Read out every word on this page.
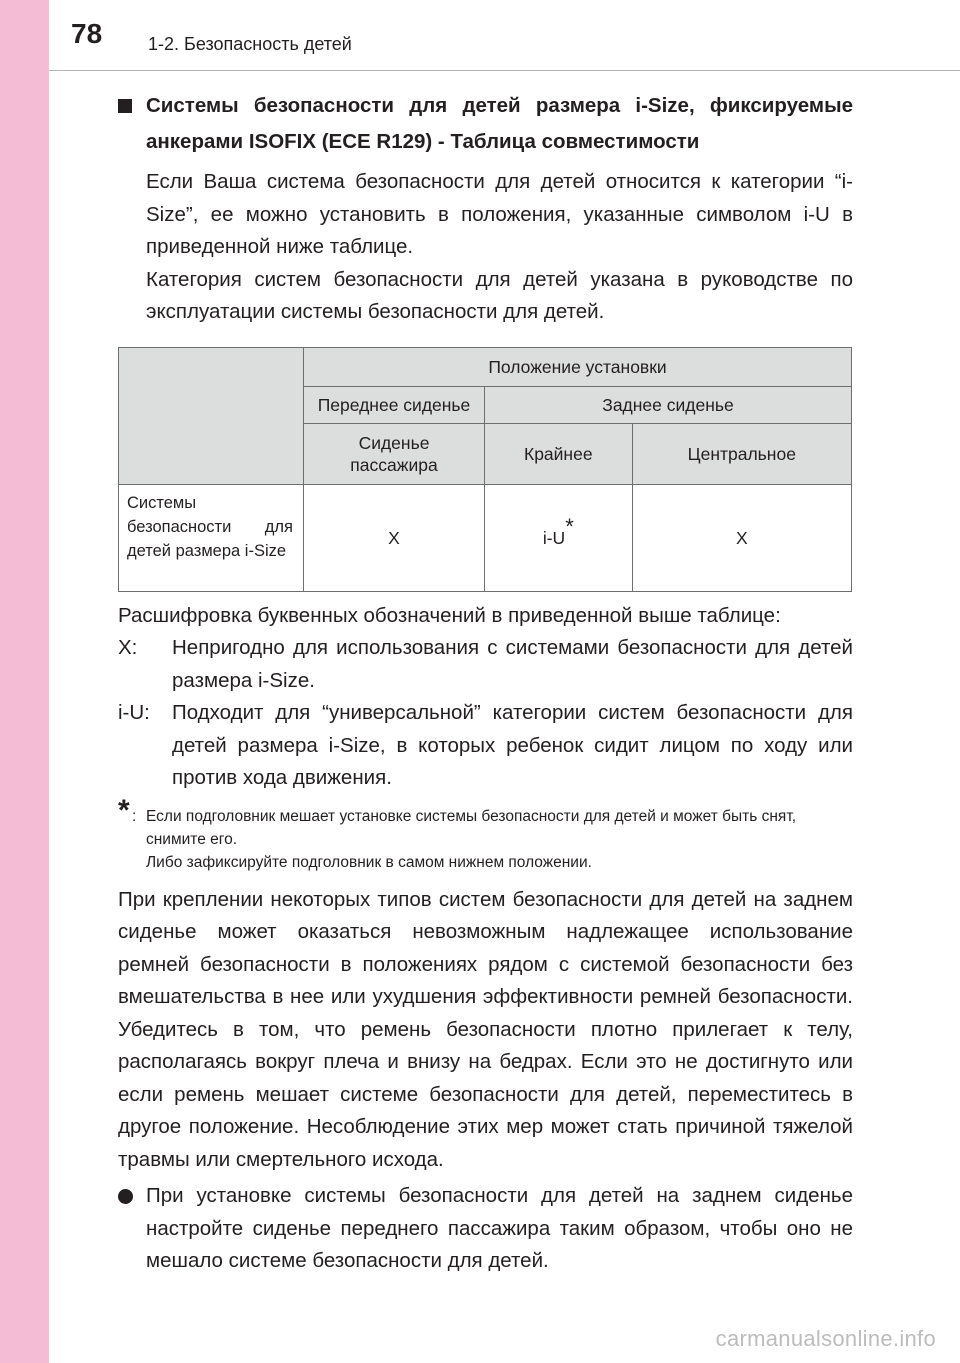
78	1-2. Безопасность детей
Системы безопасности для детей размера i-Size, фиксируемые анкерами ISOFIX (ECE R129) - Таблица совместимости
Если Ваша система безопасности для детей относится к категории “i-Size”, ее можно установить в положения, указанные символом i-U в приведенной ниже таблице.
Категория систем безопасности для детей указана в руководстве по эксплуатации системы безопасности для детей.
	Положение установки		
	Переднее сиденье	Заднее сиденье	
	Сиденье пассажира	Крайнее	Центральное
Системы безопасности для детей размера i-Size	X	i-U*	X
Расшифровка буквенных обозначений в приведенной выше таблице:
X:	Непригодно для использования с системами безопасности для детей размера i-Size.
i-U:	Подходит для “универсальной” категории систем безопасности для детей размера i-Size, в которых ребенок сидит лицом по ходу или против хода движения.
* : Если подголовник мешает установке системы безопасности для детей и может быть снят, снимите его.
Либо зафиксируйте подголовник в самом нижнем положении.
При креплении некоторых типов систем безопасности для детей на заднем сиденье может оказаться невозможным надлежащее использование ремней безопасности в положениях рядом с системой безопасности без вмешательства в нее или ухудшения эффективности ремней безопасности. Убедитесь в том, что ремень безопасности плотно прилегает к телу, располагаясь вокруг плеча и внизу на бедрах. Если это не достигнуто или если ремень мешает системе безопасности для детей, переместитесь в другое положение. Несоблюдение этих мер может стать причиной тяжелой травмы или смертельного исхода.
При установке системы безопасности для детей на заднем сиденье настройте сиденье переднего пассажира таким образом, чтобы оно не мешало системе безопасности для детей.
carmanualsonline.info
